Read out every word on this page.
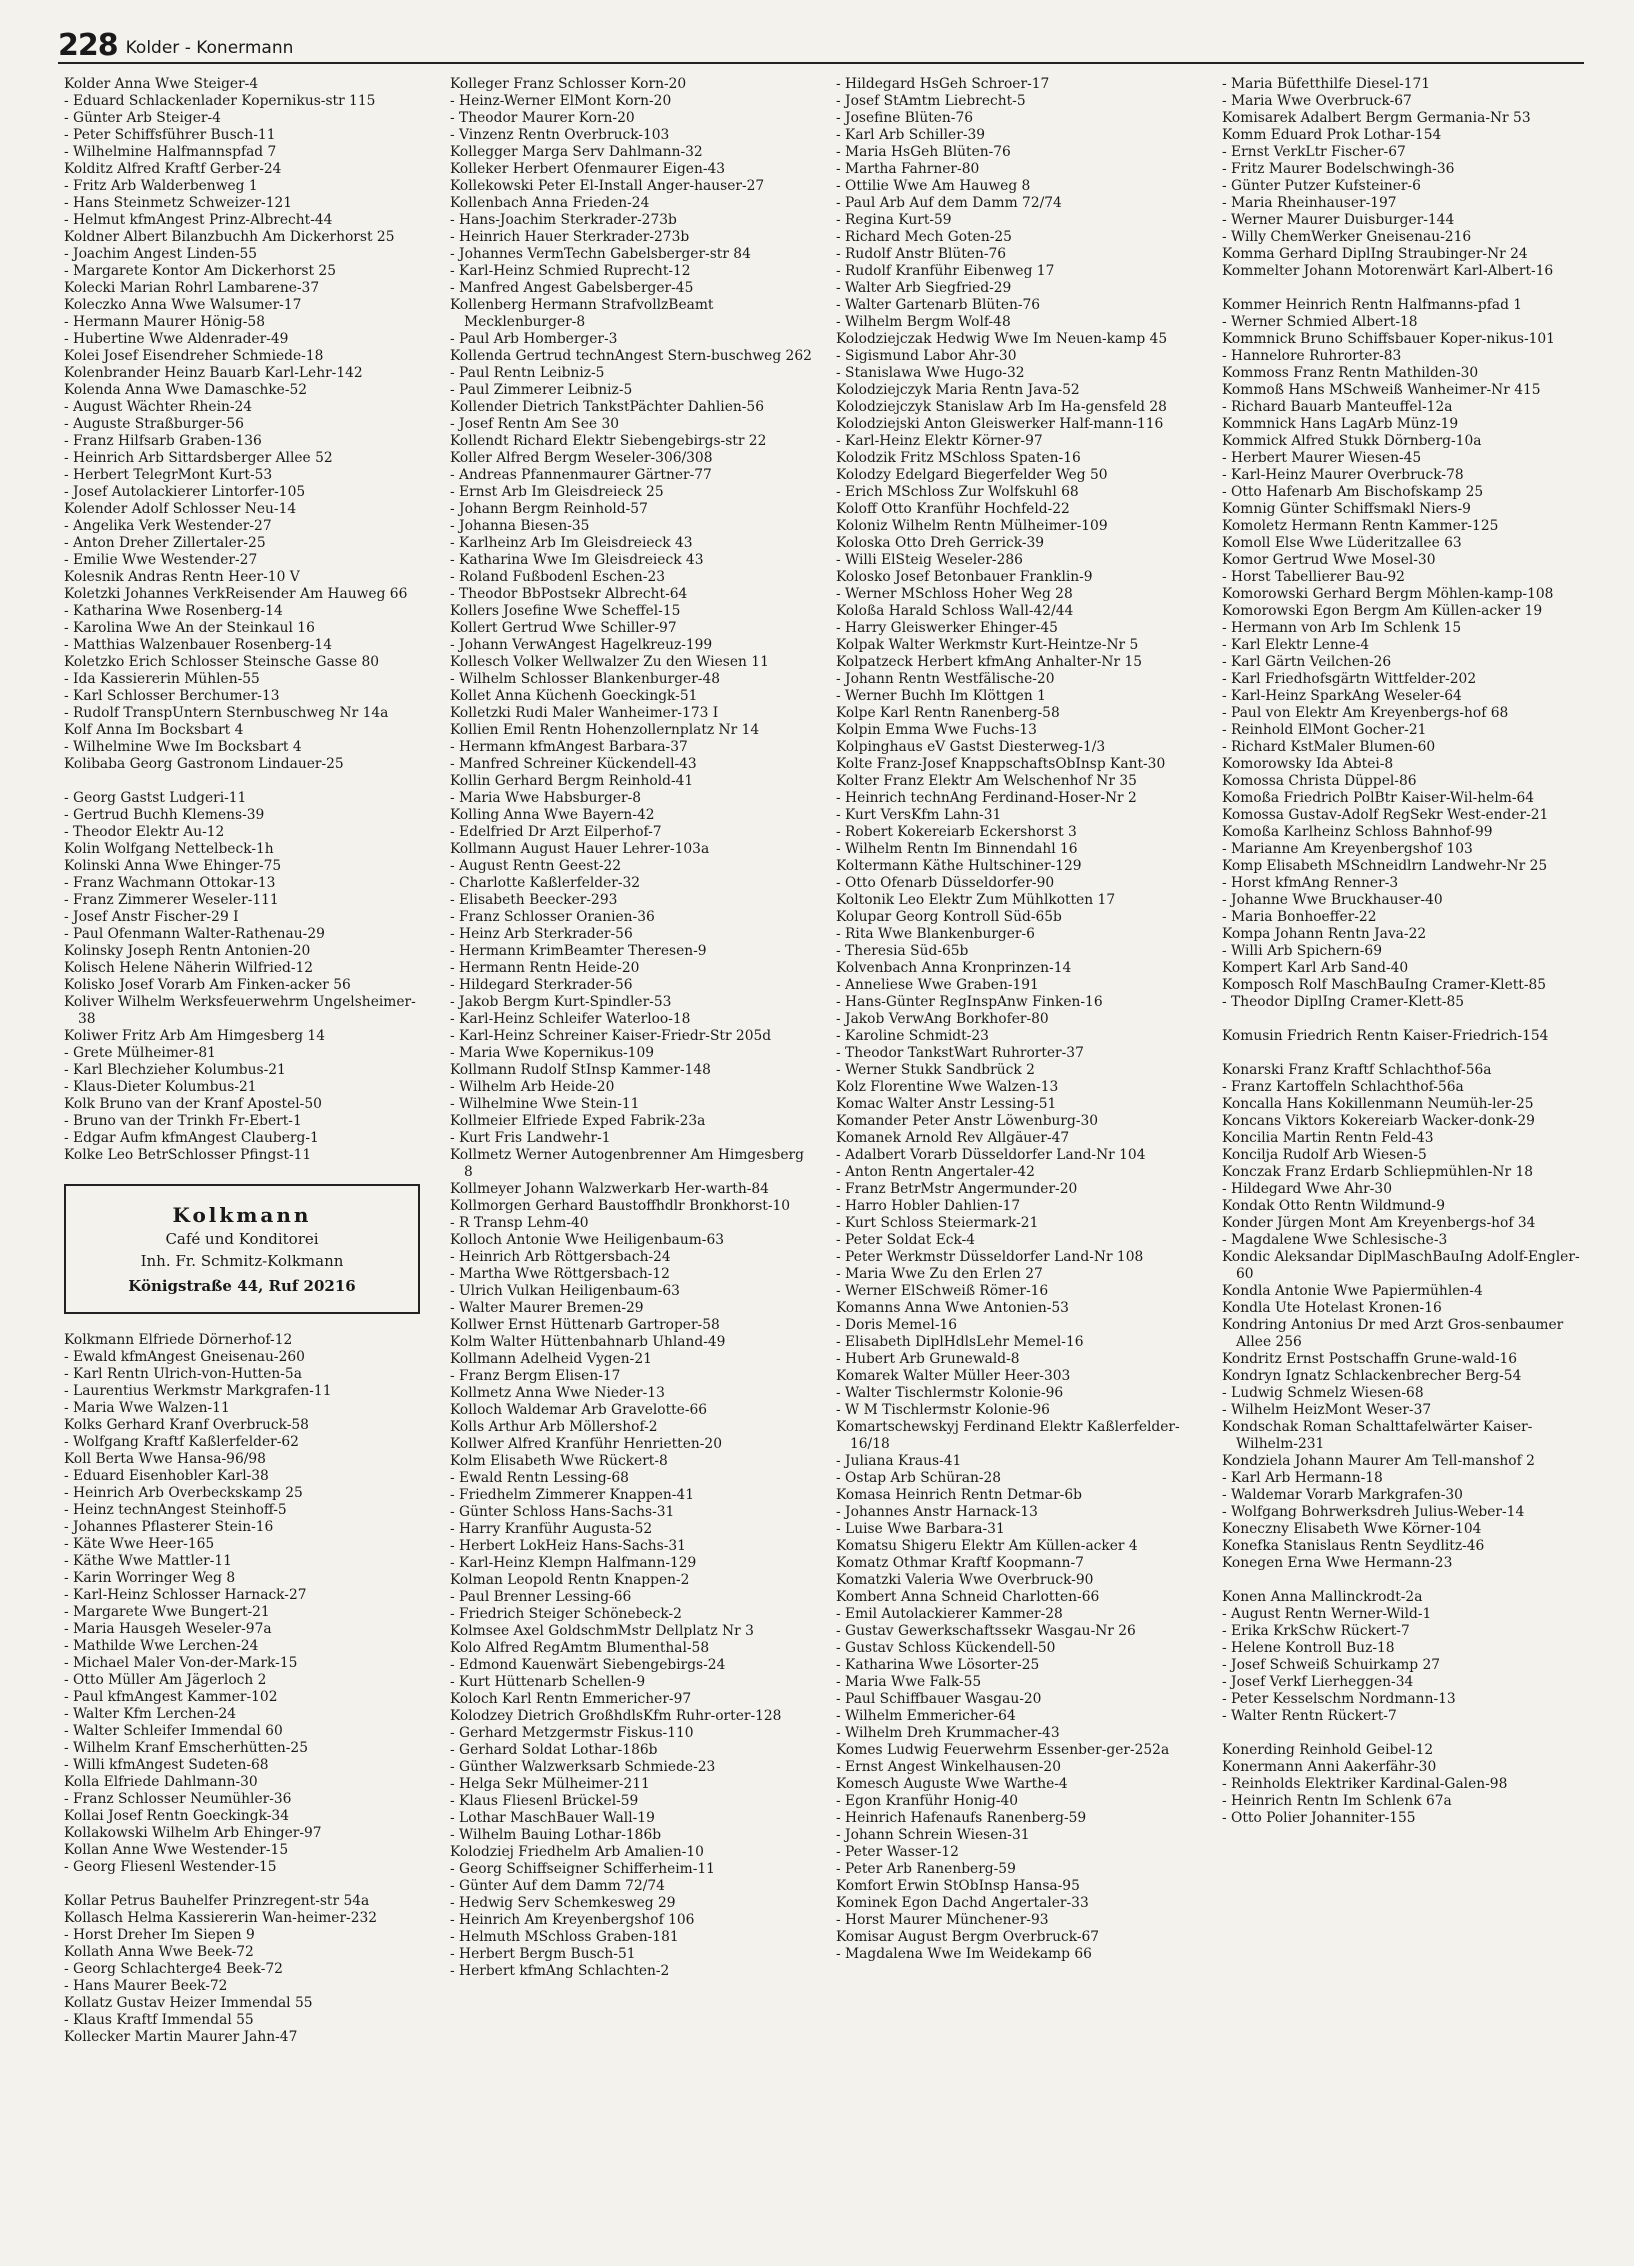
228 Kolder - Konermann
Kolder Anna Wwe Steiger-4
- Eduard Schlackenlader Kopernikus-str 115
- Günter Arb Steiger-4
- Peter Schiffsführer Busch-11
- Wilhelmine Halfmannspfad 7
Kolditz Alfred Kraftf Gerber-24
- Fritz Arb Walderbenweg 1
- Hans Steinmetz Schweizer-121
- Helmut kfmAngest Prinz-Albrecht-44
Koldner Albert Bilanzbuchh Am Dickerhorst 25
- Joachim Angest Linden-55
- Margarete Kontor Am Dickerhorst 25
Kolecki Marian Rohrl Lambarene-37
Koleczko Anna Wwe Walsumer-17
- Hermann Maurer Hönig-58
- Hubertine Wwe Aldenrader-49
Kolei Josef Eisendreher Schmiede-18
Kolenbrander Heinz Bauarb Karl-Lehr-142
Kolenda Anna Wwe Damaschke-52
- August Wächter Rhein-24
- Auguste Straßburger-56
- Franz Hilfsarb Graben-136
- Heinrich Arb Sittardsberger Allee 52
- Herbert TelegrMont Kurt-53
- Josef Autolackierer Lintorfer-105
Kolender Adolf Schlosser Neu-14
- Angelika Verk Westender-27
- Anton Dreher Zillertaler-25
- Emilie Wwe Westender-27
Kolesnik Andras Rentn Heer-10 V
Koletzki Johannes VerkReisender Am Hauweg 66
- Katharina Wwe Rosenberg-14
- Karolina Wwe An der Steinkaul 16
- Matthias Walzenbauer Rosenberg-14
Koletzko Erich Schlosser Steinsche Gasse 80
- Ida Kassiererin Mühlen-55
- Karl Schlosser Berchumer-13
- Rudolf TranspUntern Sternbuschweg Nr 14a
Kolf Anna Im Bocksbart 4
- Wilhelmine Wwe Im Bocksbart 4
Kolibaba Georg Gastronom Lindauer-25
- Georg Gastst Ludgeri-11
- Gertrud Buchh Klemens-39
- Theodor Elektr Au-12
Kolin Wolfgang Nettelbeck-1h
Kolinski Anna Wwe Ehinger-75
- Franz Wachmann Ottokar-13
- Franz Zimmerer Weseler-111
- Josef Anstr Fischer-29 I
- Paul Ofenmann Walter-Rathenau-29
Kolinsky Joseph Rentn Antonien-20
Kolisch Helene Näherin Wilfried-12
Kolisko Josef Vorarb Am Finken-acker 56
Koliver Wilhelm Werksfeuerwehrm Ungelsheimer-38
Koliwer Fritz Arb Am Himgesberg 14
- Grete Mülheimer-81
- Karl Blechzieher Kolumbus-21
- Klaus-Dieter Kolumbus-21
Kolk Bruno van der Kranf Apostel-50
- Bruno van der Trinkh Fr-Ebert-1
- Edgar Aufm kfmAngest Clauberg-1
Kolke Leo BetrSchlosser Pfingst-11
Kolkmann
Café und Konditorei
Inh. Fr. Schmitz-Kolkmann
Königstraße 44, Ruf 20216
Kolkmann Elfriede Dörnerhof-12
- Ewald kfmAngest Gneisenau-260
- Karl Rentn Ulrich-von-Hutten-5a
- Laurentius Werkmstr Markgrafen-11
- Maria Wwe Walzen-11
Kolks Gerhard Kranf Overbruck-58
- Wolfgang Kraftf Kaßlerfelder-62
Koll Berta Wwe Hansa-96/98
- Eduard Eisenhobler Karl-38
- Heinrich Arb Overbeckskamp 25
- Heinz technAngest Steinhoff-5
- Johannes Pflasterer Stein-16
- Käte Wwe Heer-165
- Käthe Wwe Mattler-11
- Karin Worringer Weg 8
- Karl-Heinz Schlosser Harnack-27
- Margarete Wwe Bungert-21
- Maria Hausgeh Weseler-97a
- Mathilde Wwe Lerchen-24
- Michael Maler Von-der-Mark-15
- Otto Müller Am Jägerloch 2
- Paul kfmAngest Kammer-102
- Walter Kfm Lerchen-24
- Walter Schleifer Immendal 60
- Wilhelm Kranf Emscherhütten-25
- Willi kfmAngest Sudeten-68
Kolla Elfriede Dahlmann-30
- Franz Schlosser Neumühler-36
Kollai Josef Rentn Goeckingk-34
Kollakowski Wilhelm Arb Ehinger-97
Kollan Anne Wwe Westender-15
- Georg Fliesenl Westender-15
Kollar Petrus Bauhelfer Prinzregent-str 54a
Kollasch Helma Kassiererin Wan-heimer-232
- Horst Dreher Im Siepen 9
Kollath Anna Wwe Beek-72
- Georg Schlachterge4 Beek-72
- Hans Maurer Beek-72
Kollatz Gustav Heizer Immendal 55
- Klaus Kraftf Immendal 55
Kollecker Martin Maurer Jahn-47
Kolleger Franz Schlosser Korn-20
- Heinz-Werner ElMont Korn-20
- Theodor Maurer Korn-20
- Vinzenz Rentn Overbruck-103
Kollegger Marga Serv Dahlmann-32
Kolleker Herbert Ofenmaurer Eigen-43
Kollekowski Peter El-Install Anger-hauser-27
Kollenbach Anna Frieden-24
- Hans-Joachim Sterkrader-273b
- Heinrich Hauer Sterkrader-273b
- Johannes VermTechn Gabelsberger-str 84
- Karl-Heinz Schmied Ruprecht-12
- Manfred Angest Gabelsberger-45
Kollenberg Hermann StrafvollzBeamt Mecklenburger-8
- Paul Arb Homberger-3
Kollenda Gertrud technAngest Stern-buschweg 262
- Paul Rentn Leibniz-5
- Paul Zimmerer Leibniz-5
Kollender Dietrich TankstPächter Dahlien-56
- Josef Rentn Am See 30
Kollendt Richard Elektr Siebengebirgs-str 22
Koller Alfred Bergm Weseler-306/308
- Andreas Pfannenmaurer Gärtner-77
- Ernst Arb Im Gleisdreieck 25
- Johann Bergm Reinhold-57
- Johanna Biesen-35
- Karlheinz Arb Im Gleisdreieck 43
- Katharina Wwe Im Gleisdreieck 43
- Roland Fußbodenl Eschen-23
- Theodor BbPostsekr Albrecht-64
Kollers Josefine Wwe Scheffel-15
Kollert Gertrud Wwe Schiller-97
- Johann VerwAngest Hagelkreuz-199
Kollesch Volker Wellwalzer Zu den Wiesen 11
- Wilhelm Schlosser Blankenburger-48
Kollet Anna Küchenh Goeckingk-51
Kolletzki Rudi Maler Wanheimer-173 I
Kollien Emil Rentn Hohenzollernplatz Nr 14
- Hermann kfmAngest Barbara-37
- Manfred Schreiner Kückendell-43
Kollin Gerhard Bergm Reinhold-41
- Maria Wwe Habsburger-8
Kolling Anna Wwe Bayern-42
- Edelfried Dr Arzt Eilperhof-7
Kollmann August Hauer Lehrer-103a
- August Rentn Geest-22
- Charlotte Kaßlerfelder-32
- Elisabeth Beecker-293
- Franz Schlosser Oranien-36
- Heinz Arb Sterkrader-56
- Hermann KrimBeamter Theresen-9
- Hermann Rentn Heide-20
- Hildegard Sterkrader-56
- Jakob Bergm Kurt-Spindler-53
- Karl-Heinz Schleifer Waterloo-18
- Karl-Heinz Schreiner Kaiser-Friedr-Str 205d
- Maria Wwe Kopernikus-109
Kollmann Rudolf StInsp Kammer-148
- Wilhelm Arb Heide-20
- Wilhelmine Wwe Stein-11
Kollmeier Elfriede Exped Fabrik-23a
- Kurt Fris Landwehr-1
Kollmetz Werner Autogenbrenner Am Himgesberg 8
Kollmeyer Johann Walzwerkarb Her-warth-84
Kollmorgen Gerhard Baustoffhdlr Bronkhorst-10
- R Transp Lehm-40
Kolloch Antonie Wwe Heiligenbaum-63
- Heinrich Arb Röttgersbach-24
- Martha Wwe Röttgersbach-12
- Ulrich Vulkan Heiligenbaum-63
- Walter Maurer Bremen-29
Kollwer Ernst Hüttenarb Gartroper-58
Kolm Walter Hüttenbahnarb Uhland-49
Kollmann Adelheid Vygen-21
- Franz Bergm Elisen-17
Kollmetz Anna Wwe Nieder-13
Kolloch Waldemar Arb Gravelotte-66
Kolls Arthur Arb Möllershof-2
Kollwer Alfred Kranführ Henrietten-20
Kolm Elisabeth Wwe Rückert-8
- Ewald Rentn Lessing-68
- Friedhelm Zimmerer Knappen-41
- Günter Schloss Hans-Sachs-31
- Harry Kranführ Augusta-52
- Herbert LokHeiz Hans-Sachs-31
- Karl-Heinz Klempn Halfmann-129
Kolman Leopold Rentn Knappen-2
- Paul Brenner Lessing-66
- Friedrich Steiger Schönebeck-2
Kolmsee Axel GoldschmMstr Dellplatz Nr 3
Kolo Alfred RegAmtm Blumenthal-58
- Edmond Kauenwärt Siebengebirgs-24
- Kurt Hüttenarb Schellen-9
Koloch Karl Rentn Emmericher-97
Kolodzey Dietrich GroßhdlsKfm Ruhr-orter-128
- Gerhard Metzgermstr Fiskus-110
- Gerhard Soldat Lothar-186b
- Günther Walzwerksarb Schmiede-23
- Helga Sekr Mülheimer-211
- Klaus Fliesenl Brückel-59
- Lothar MaschBauer Wall-19
- Wilhelm Bauing Lothar-186b
Kolodziej Friedhelm Arb Amalien-10
- Georg Schiffseigner Schifferheim-11
- Günter Auf dem Damm 72/74
- Hedwig Serv Schemkesweg 29
- Heinrich Am Kreyenbergshof 106
- Helmuth MSchloss Graben-181
- Herbert Bergm Busch-51
- Herbert kfmAng Schlachten-2
- Hildegard HsGeh Schroer-17
- Josef StAmtm Liebrecht-5
- Josefine Blüten-76
- Karl Arb Schiller-39
- Maria HsGeh Blüten-76
- Martha Fahrner-80
- Ottilie Wwe Am Hauweg 8
- Paul Arb Auf dem Damm 72/74
- Regina Kurt-59
- Richard Mech Goten-25
- Rudolf Anstr Blüten-76
- Rudolf Kranführ Eibenweg 17
- Walter Arb Siegfried-29
- Walter Gartenarb Blüten-76
- Wilhelm Bergm Wolf-48
Kolodziejczak Hedwig Wwe Im Neuen-kamp 45
- Sigismund Labor Ahr-30
- Stanislawa Wwe Hugo-32
Kolodziejczyk Maria Rentn Java-52
Kolodziejczyk Stanislaw Arb Im Ha-gensfeld 28
Kolodziejski Anton Gleiswerker Half-mann-116
- Karl-Heinz Elektr Körner-97
Kolodzik Fritz MSchloss Spaten-16
Kolodzy Edelgard Biegerfelder Weg 50
- Erich MSchloss Zur Wolfskuhl 68
Koloff Otto Kranführ Hochfeld-22
Koloniz Wilhelm Rentn Mülheimer-109
Koloska Otto Dreh Gerrick-39
- Willi ElSteig Weseler-286
Kolosko Josef Betonbauer Franklin-9
- Werner MSchloss Hoher Weg 28
Koloßa Harald Schloss Wall-42/44
- Harry Gleiswerker Ehinger-45
Kolpak Walter Werkmstr Kurt-Heintze-Nr 5
Kolpatzeck Herbert kfmAng Anhalter-Nr 15
- Johann Rentn Westfälische-20
- Werner Buchh Im Klöttgen 1
Kolpe Karl Rentn Ranenberg-58
Kolpin Emma Wwe Fuchs-13
Kolpinghaus eV Gastst Diesterweg-1/3
Kolte Franz-Josef KnappschaftsObInsp Kant-30
Kolter Franz Elektr Am Welschenhof Nr 35
- Heinrich technAng Ferdinand-Hoser-Nr 2
- Kurt VersKfm Lahn-31
- Robert Kokereiarb Eckershorst 3
- Wilhelm Rentn Im Binnendahl 16
Koltermann Käthe Hultschiner-129
- Otto Ofenarb Düsseldorfer-90
Koltonik Leo Elektr Zum Mühlkotten 17
Kolupar Georg Kontroll Süd-65b
- Rita Wwe Blankenburger-6
- Theresia Süd-65b
Kolvenbach Anna Kronprinzen-14
- Anneliese Wwe Graben-191
- Hans-Günter RegInspAnw Finken-16
- Jakob VerwAng Borkhofer-80
- Karoline Schmidt-23
- Theodor TankstWart Ruhrorter-37
- Werner Stukk Sandbrück 2
Kolz Florentine Wwe Walzen-13
Komac Walter Anstr Lessing-51
Komander Peter Anstr Löwenburg-30
Komanek Arnold Rev Allgäuer-47
- Adalbert Vorarb Düsseldorfer Land-Nr 104
- Anton Rentn Angertaler-42
- Franz BetrMstr Angermunder-20
- Harro Hobler Dahlien-17
- Kurt Schloss Steiermark-21
- Peter Soldat Eck-4
- Peter Werkmstr Düsseldorfer Land-Nr 108
- Maria Wwe Zu den Erlen 27
- Werner ElSchweiß Römer-16
Komanns Anna Wwe Antonien-53
- Doris Memel-16
- Elisabeth DiplHdlsLehr Memel-16
- Hubert Arb Grunewald-8
Komarek Walter Müller Heer-303
- Walter Tischlermstr Kolonie-96
- W M Tischlermstr Kolonie-96
Komartschewskyj Ferdinand Elektr Kaßlerfelder-16/18
- Juliana Kraus-41
- Ostap Arb Schüran-28
Komasa Heinrich Rentn Detmar-6b
- Johannes Anstr Harnack-13
- Luise Wwe Barbara-31
Komatsu Shigeru Elektr Am Küllen-acker 4
Komatz Othmar Kraftf Koopmann-7
Komatzki Valeria Wwe Overbruck-90
Kombert Anna Schneid Charlotten-66
- Emil Autolackierer Kammer-28
- Gustav Gewerkschaftssekr Wasgau-Nr 26
- Gustav Schloss Kückendell-50
- Katharina Wwe Lösorter-25
- Maria Wwe Falk-55
- Paul Schiffbauer Wasgau-20
- Wilhelm Emmericher-64
- Wilhelm Dreh Krummacher-43
Komes Ludwig Feuerwehrm Essenber-ger-252a
- Ernst Angest Winkelhausen-20
Komesch Auguste Wwe Warthe-4
- Egon Kranführ Honig-40
- Heinrich Hafenaufs Ranenberg-59
- Johann Schrein Wiesen-31
- Peter Wasser-12
- Peter Arb Ranenberg-59
Komfort Erwin StObInsp Hansa-95
Kominek Egon Dachd Angertaler-33
- Horst Maurer Münchener-93
Komisar August Bergm Overbruck-67
- Magdalena Wwe Im Weidekamp 66
- Maria Büfetthilfe Diesel-171
- Maria Wwe Overbruck-67
Komisarek Adalbert Bergm Germania-Nr 53
Komm Eduard Prok Lothar-154
- Ernst VerkLtr Fischer-67
- Fritz Maurer Bodelschwingh-36
- Günter Putzer Kufsteiner-6
- Maria Rheinhauser-197
- Werner Maurer Duisburger-144
- Willy ChemWerker Gneisenau-216
Komma Gerhard DiplIng Straubinger-Nr 24
Kommelter Johann Motorenwärt Karl-Albert-16
Kommer Heinrich Rentn Halfmanns-pfad 1
- Werner Schmied Albert-18
Kommnick Bruno Schiffsbauer Koper-nikus-101
- Hannelore Ruhrorter-83
Kommoss Franz Rentn Mathilden-30
Kommoß Hans MSchweiß Wanheimer-Nr 415
- Richard Bauarb Manteuffel-12a
Kommnick Hans LagArb Münz-19
Kommick Alfred Stukk Dörnberg-10a
- Herbert Maurer Wiesen-45
- Karl-Heinz Maurer Overbruck-78
- Otto Hafenarb Am Bischofskamp 25
Komnig Günter Schiffsmakl Niers-9
Komoletz Hermann Rentn Kammer-125
Komoll Else Wwe Lüderitzallee 63
Komor Gertrud Wwe Mosel-30
- Horst Tabellierer Bau-92
Komorowski Gerhard Bergm Möhlen-kamp-108
Komorowski Egon Bergm Am Küllen-acker 19
- Hermann von Arb Im Schlenk 15
- Karl Elektr Lenne-4
- Karl Gärtn Veilchen-26
- Karl Friedhofsgärtn Wittfelder-202
- Karl-Heinz SparkAng Weseler-64
- Paul von Elektr Am Kreyenbergs-hof 68
- Reinhold ElMont Gocher-21
- Richard KstMaler Blumen-60
Komorowsky Ida Abtei-8
Komossa Christa Düppel-86
Komoßa Friedrich PolBtr Kaiser-Wil-helm-64
Komossa Gustav-Adolf RegSekr West-ender-21
Komoßa Karlheinz Schloss Bahnhof-99
- Marianne Am Kreyenbergshof 103
Komp Elisabeth MSchneidlrn Landwehr-Nr 25
- Horst kfmAng Renner-3
- Johanne Wwe Bruckhauser-40
- Maria Bonhoeffer-22
Kompa Johann Rentn Java-22
- Willi Arb Spichern-69
Kompert Karl Arb Sand-40
Komposch Rolf MaschBauIng Cramer-Klett-85
- Theodor DiplIng Cramer-Klett-85
Komusin Friedrich Rentn Kaiser-Friedrich-154
Konarski Franz Kraftf Schlachthof-56a
- Franz Kartoffeln Schlachthof-56a
Koncalla Hans Kokillenmann Neumüh-ler-25
Koncans Viktors Kokereiarb Wacker-donk-29
Koncilia Martin Rentn Feld-43
Koncilja Rudolf Arb Wiesen-5
Konczak Franz Erdarb Schliepmühlen-Nr 18
- Hildegard Wwe Ahr-30
Kondak Otto Rentn Wildmund-9
Konder Jürgen Mont Am Kreyenbergs-hof 34
- Magdalene Wwe Schlesische-3
Kondic Aleksandar DiplMaschBauIng Adolf-Engler-60
Kondla Antonie Wwe Papiermühlen-4
Kondla Ute Hotelast Kronen-16
Kondring Antonius Dr med Arzt Gros-senbaumer Allee 256
Kondritz Ernst Postschaffn Grune-wald-16
Kondryn Ignatz Schlackenbrecher Berg-54
- Ludwig Schmelz Wiesen-68
- Wilhelm HeizMont Weser-37
Kondschak Roman Schalttafelwärter Kaiser-Wilhelm-231
Kondziela Johann Maurer Am Tell-manshof 2
- Karl Arb Hermann-18
- Waldemar Vorarb Markgrafen-30
- Wolfgang Bohrwerksdreh Julius-Weber-14
Koneczny Elisabeth Wwe Körner-104
Konefka Stanislaus Rentn Seydlitz-46
Konegen Erna Wwe Hermann-23
Konen Anna Mallinckrodt-2a
- August Rentn Werner-Wild-1
- Erika KrkSchw Rückert-7
- Helene Kontroll Buz-18
- Josef Schweiß Schuirkamp 27
- Josef Verkf Lierheggen-34
- Peter Kesselschm Nordmann-13
- Walter Rentn Rückert-7
Konerding Reinhold Geibel-12
Konermann Anni Aakerfähr-30
- Reinholds Elektriker Kardinal-Galen-98
- Heinrich Rentn Im Schlenk 67a
- Otto Polier Johanniter-155
